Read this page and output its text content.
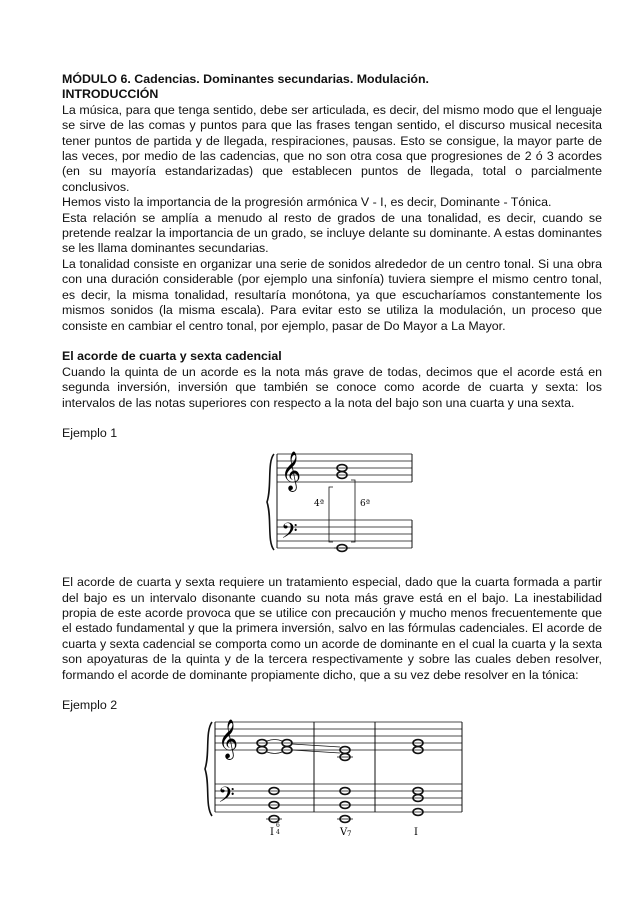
MÓDULO 6. Cadencias. Dominantes secundarias. Modulación.

INTRODUCCIÓN

La música, para que tenga sentido, debe ser articulada, es decir, del mismo modo que el lenguaje se sirve de las comas y puntos para que las frases tengan sentido, el discurso musical necesita tener puntos de partida y de llegada, respiraciones, pausas. Esto se consigue, la mayor parte de las veces, por medio de las cadencias, que no son otra cosa que progresiones de 2 ó 3 acordes (en su mayoría estandarizadas) que establecen puntos de llegada, total o parcialmente conclusivos.

Hemos visto la importancia de la progresión armónica V - I, es decir, Dominante - Tónica.

Esta relación se amplía a menudo al resto de grados de una tonalidad, es decir, cuando se pretende realzar la importancia de un grado, se incluye delante su dominante. A estas dominantes se les llama dominantes secundarias.

La tonalidad consiste en organizar una serie de sonidos alrededor de un centro tonal. Si una obra con una duración considerable (por ejemplo una sinfonía) tuviera siempre el mismo centro tonal, es decir, la misma tonalidad, resultaría monótona, ya que escucharíamos constantemente los mismos sonidos (la misma escala). Para evitar esto se utiliza la modulación, un proceso que consiste en cambiar el centro tonal, por ejemplo, pasar de Do Mayor a La Mayor.

El acorde de cuarta y sexta cadencial

Cuando la quinta de un acorde es la nota más grave de todas, decimos que el acorde está en segunda inversión, inversión que también se conoce como acorde de cuarta y sexta: los intervalos de las notas superiores con respecto a la nota del bajo son una cuarta y una sexta.

Ejemplo 1

𝄞
𝄢
4ª	6ª

El acorde de cuarta y sexta requiere un tratamiento especial, dado que la cuarta formada a partir del bajo es un intervalo disonante cuando su nota más grave está en el bajo. La inestabilidad propia de este acorde provoca que se utilice con precaución y mucho menos frecuentemente que el estado fundamental y que la primera inversión, salvo en las fórmulas cadenciales. El acorde de cuarta y sexta cadencial se comporta como un acorde de dominante en el cual la cuarta y la sexta son apoyaturas de la quinta y de la tercera respectivamente y sobre las cuales deben resolver, formando el acorde de dominante propiamente dicho, que a su vez debe resolver en la tónica:

Ejemplo 2

𝄞
𝄢
I
6
4	V 7	I
